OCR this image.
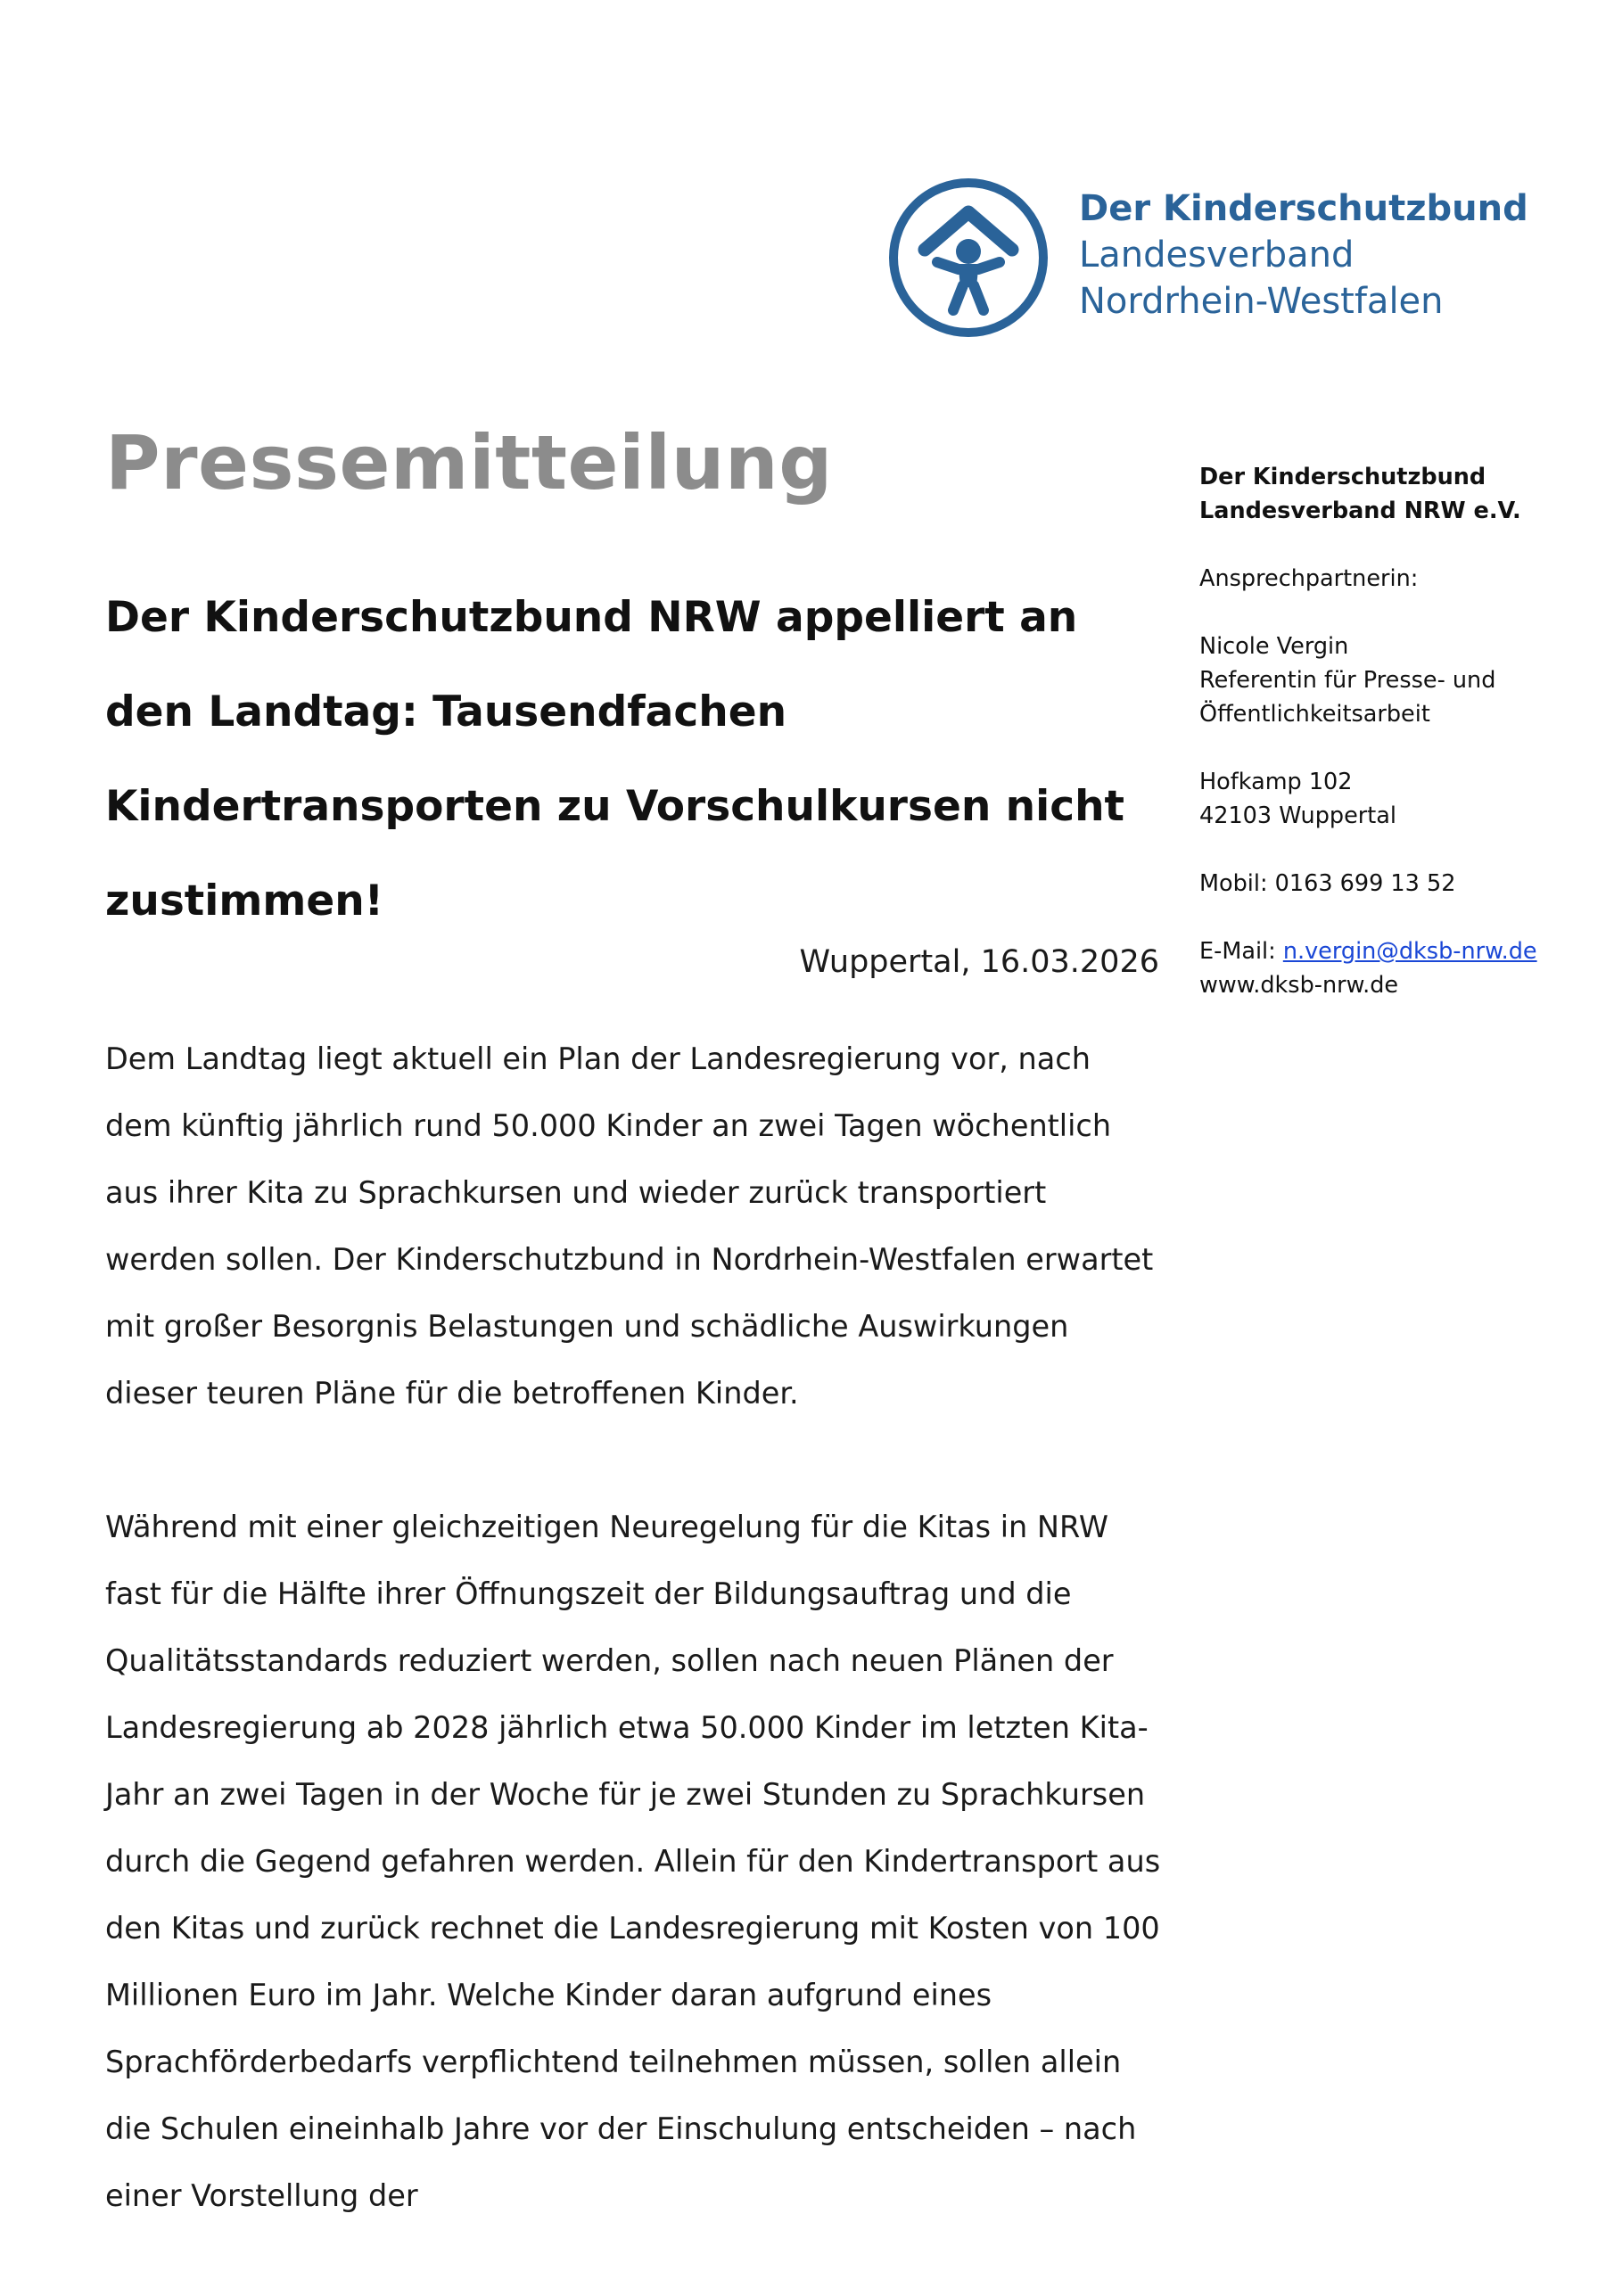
Der Kinderschutzbund
Landesverband
Nordrhein-Westfalen
Pressemitteilung
Der Kinderschutzbund NRW appelliert an den Landtag: Tausendfachen Kindertransporten zu Vorschulkursen nicht zustimmen!
Wuppertal, 16.03.2026

Dem Landtag liegt aktuell ein Plan der Landesregierung vor, nach dem künftig jährlich rund 50.000 Kinder an zwei Tagen wöchentlich aus ihrer Kita zu Sprachkursen und wieder zurück transportiert werden sollen. Der Kinderschutzbund in Nordrhein-Westfalen erwartet mit großer Besorgnis Belastungen und schädliche Auswirkungen dieser teuren Pläne für die betroffenen Kinder.

Während mit einer gleichzeitigen Neuregelung für die Kitas in NRW fast für die Hälfte ihrer Öffnungszeit der Bildungsauftrag und die Qualitätsstandards reduziert werden, sollen nach neuen Plänen der Landesregierung ab 2028 jährlich etwa 50.000 Kinder im letzten Kita-Jahr an zwei Tagen in der Woche für je zwei Stunden zu Sprachkursen durch die Gegend gefahren werden. Allein für den Kindertransport aus den Kitas und zurück rechnet die Landesregierung mit Kosten von 100 Millionen Euro im Jahr. Welche Kinder daran aufgrund eines Sprachförderbedarfs verpflichtend teilnehmen müssen, sollen allein die Schulen eineinhalb Jahre vor der Einschulung entscheiden – nach einer Vorstellung der

Der Kinderschutzbund
Landesverband NRW e.V.
Ansprechpartnerin:
Nicole Vergin
Referentin für Presse- und
Öffentlichkeitsarbeit
Hofkamp 102
42103 Wuppertal
Mobil: 0163 699 13 52
E-Mail: n.vergin@dksb-nrw.de
www.dksb-nrw.de
